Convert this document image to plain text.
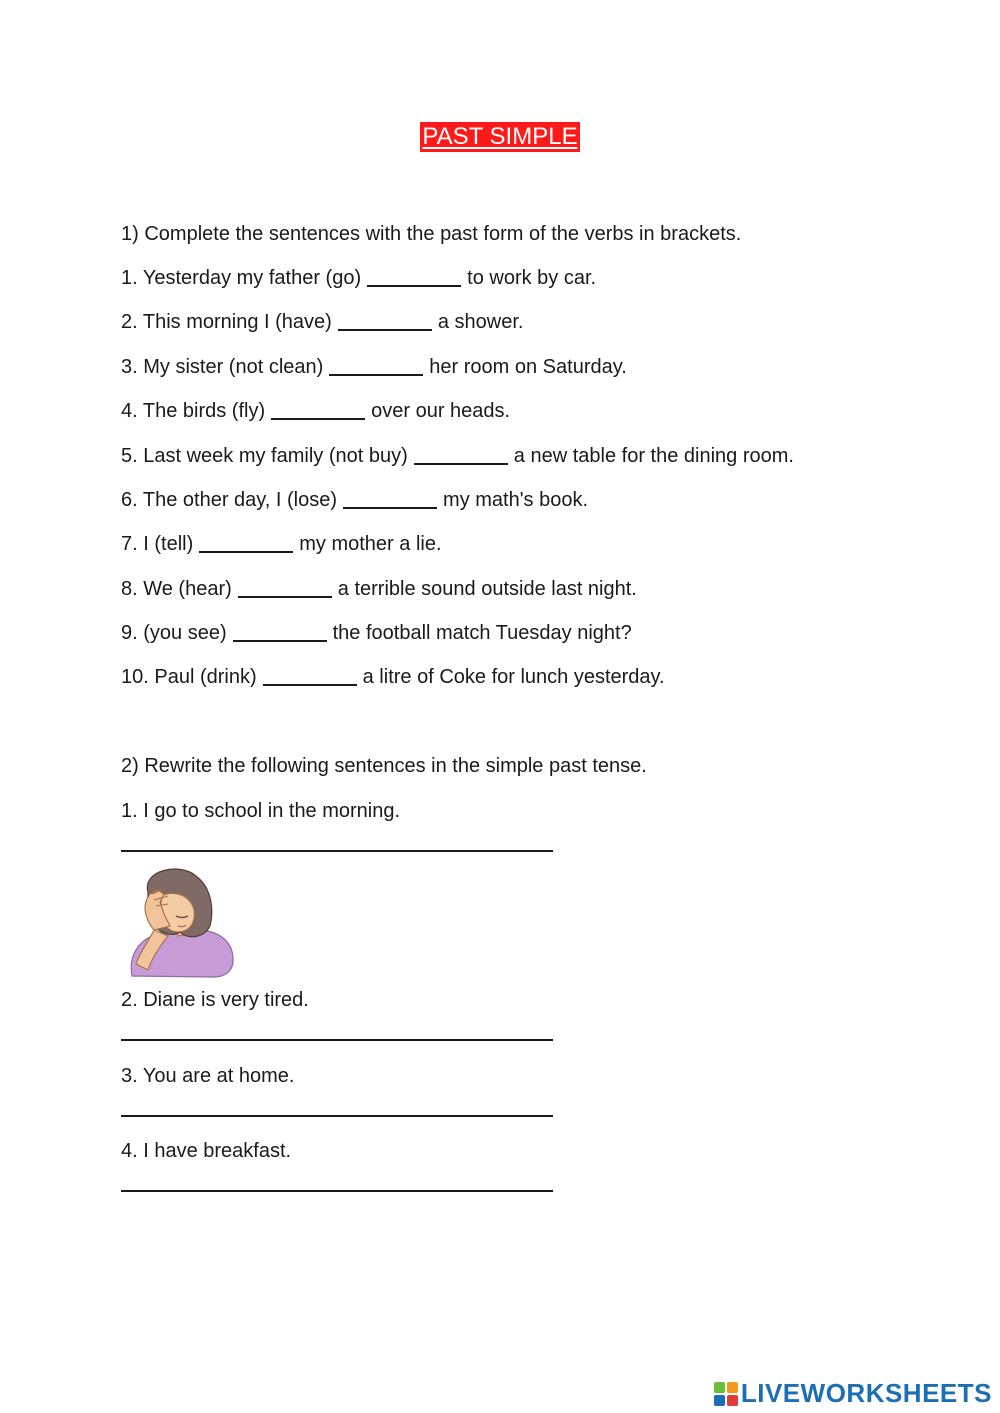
PAST SIMPLE
1) Complete the sentences with the past form of the verbs in brackets.
1. Yesterday my father (go)	to work by car.
2. This morning I (have)	a shower.
3. My sister (not clean)	her room on Saturday.
4. The birds (fly)	over our heads.
5. Last week my family (not buy)	a new table for the dining room.
6. The other day, I (lose)	my math's book.
7. I (tell)	my mother a lie.
8. We (hear)	a terrible sound outside last night.
9. (you see)	the football match Tuesday night?
10. Paul (drink)	a litre of Coke for lunch yesterday.
2) Rewrite the following sentences in the simple past tense.
1. I go to school in the morning.
2. Diane is very tired.
3. You are at home.
4. I have breakfast.
LIVEWORKSHEETS
